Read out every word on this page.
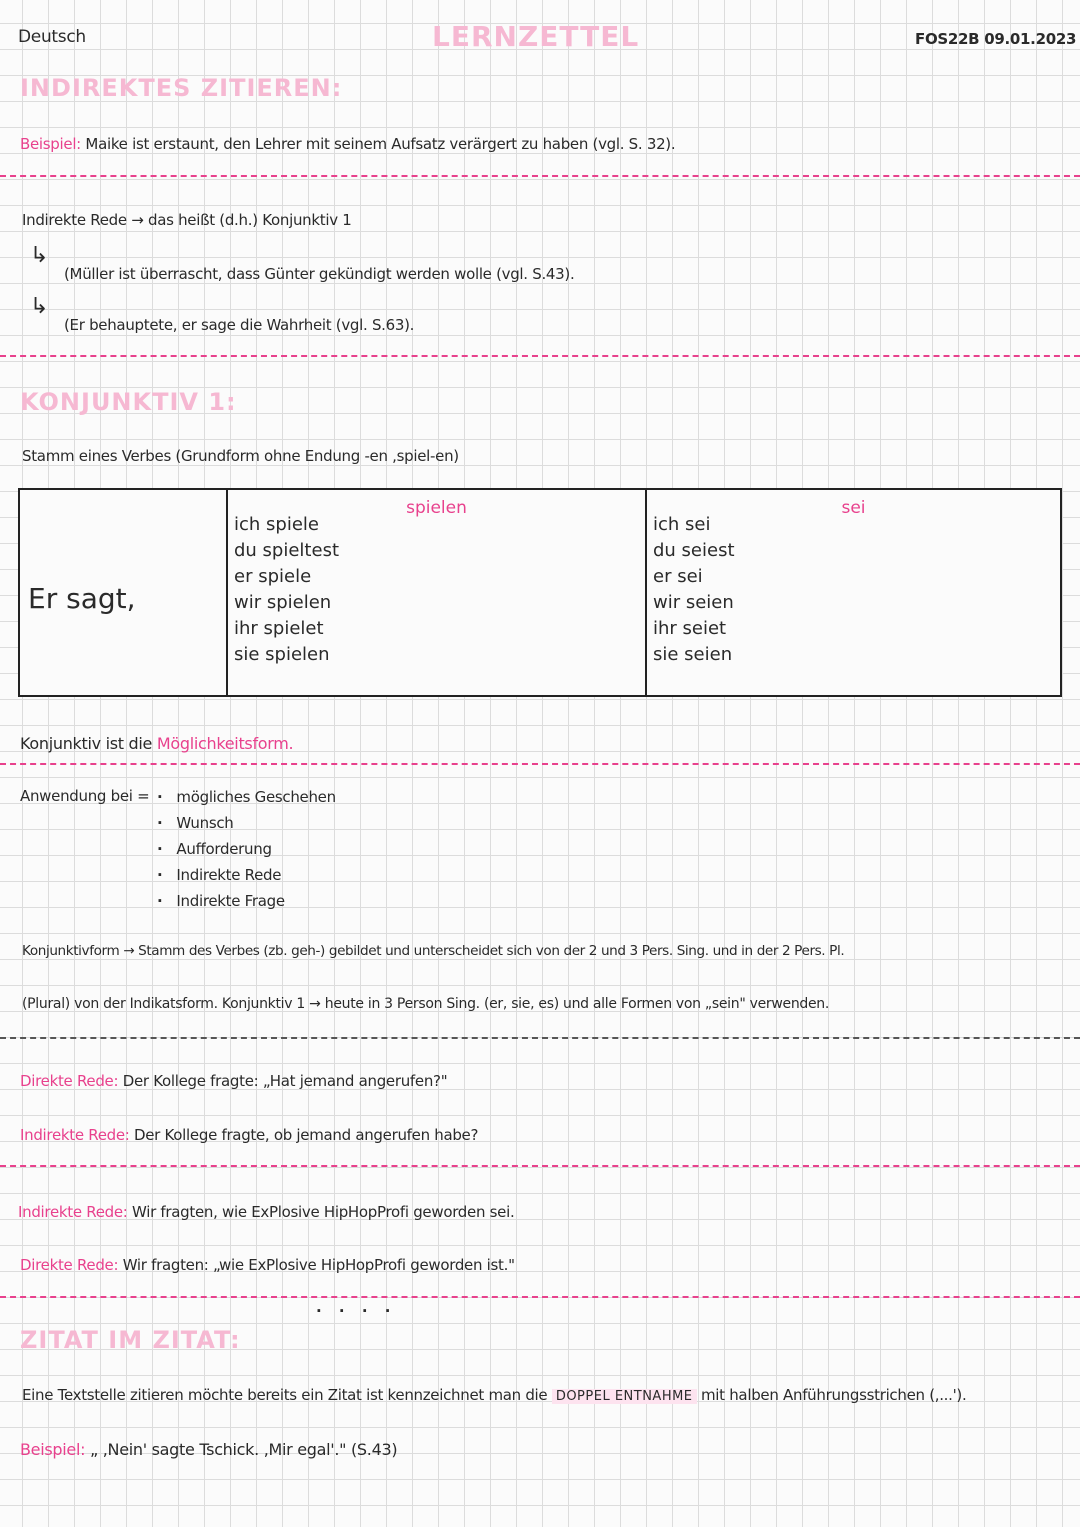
Deutsch	LERNZETTEL	FOS22B 09.01.2023
INDIREKTES ZITIEREN:
Beispiel: Maike ist erstaunt, den Lehrer mit seinem Aufsatz verärgert zu haben (vgl. S. 32).
Indirekte Rede → das heißt (d.h.) Konjunktiv 1
↳
(Müller ist überrascht, dass Günter gekündigt werden wolle (vgl. S.43).
↳
(Er behauptete, er sage die Wahrheit (vgl. S.63).
KONJUNKTIV 1:
Stamm eines Verbes (Grundform ohne Endung -en ,spiel-en)
Er sagt,

spielen
ich spiele
du spieltest
er spiele
wir spielen
ihr spielet
sie spielen

sei
ich sei
du seiest
er sei
wir seien
ihr seiet
sie seien
Konjunktiv ist die Möglichkeitsform.
Anwendung bei =
·	mögliches Geschehen
· Wunsch
· Aufforderung
· Indirekte Rede
· Indirekte Frage
Konjunktivform → Stamm des Verbes (zb. geh-) gebildet und unterscheidet sich von der 2 und 3 Pers. Sing. und in der 2 Pers. Pl.
(Plural) von der Indikatsform. Konjunktiv 1 → heute in 3 Person Sing. (er, sie, es) und alle Formen von „sein" verwenden.
Direkte Rede: Der Kollege fragte: „Hat jemand angerufen?"
Indirekte Rede: Der Kollege fragte, ob jemand angerufen habe?
Indirekte Rede: Wir fragten, wie ExPlosive HipHopProfi geworden sei.
Direkte Rede: Wir fragten: „wie ExPlosive HipHopProfi geworden ist."
. . . .
ZITAT IM ZITAT:
Eine Textstelle zitieren möchte bereits ein Zitat ist kennzeichnet man die DOPPEL ENTNAHME mit halben Anführungsstrichen (,...').
Beispiel: „ ,Nein' sagte Tschick. ,Mir egal'." (S.43)
